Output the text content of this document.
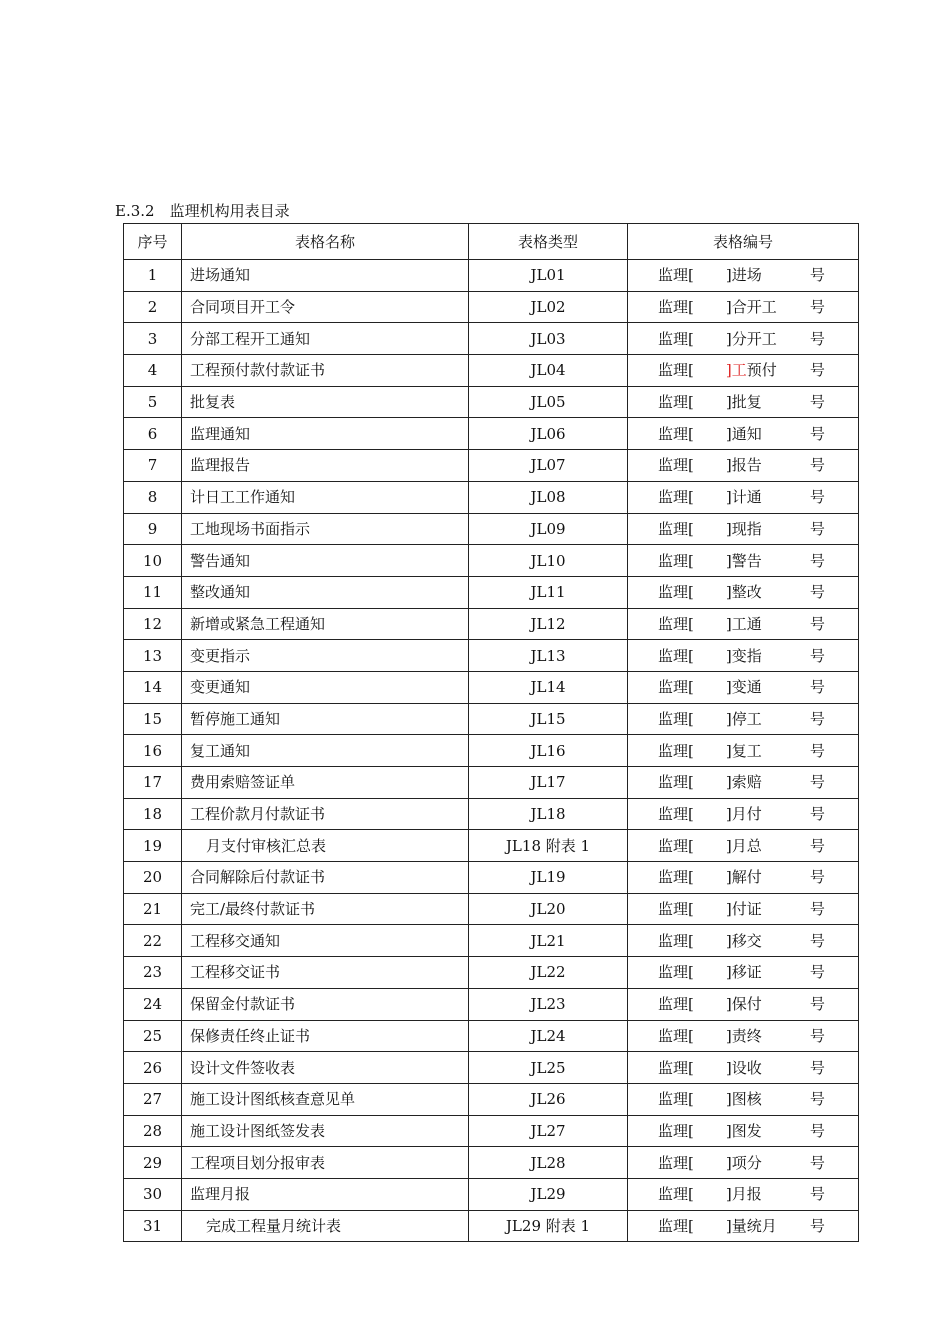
E.3.2　监理机构用表目录
序号	表格名称	表格类型	表格编号
1	进场通知	JL01	监理[ ]进场 号

2	合同项目开工令	JL02	监理[ ]合开工 号

3	分部工程开工通知	JL03	监理[ ]分开工 号

4	工程预付款付款证书	JL04	监理[ ]工预付 号

5	批复表	JL05	监理[ ]批复 号

6	监理通知	JL06	监理[ ]通知 号

7	监理报告	JL07	监理[ ]报告 号

8	计日工工作通知	JL08	监理[ ]计通 号

9	工地现场书面指示	JL09	监理[ ]现指 号

10	警告通知	JL10	监理[ ]警告 号

11	整改通知	JL11	监理[ ]整改 号

12	新增或紧急工程通知	JL12	监理[ ]工通 号

13	变更指示	JL13	监理[ ]变指 号

14	变更通知	JL14	监理[ ]变通 号

15	暂停施工通知	JL15	监理[ ]停工 号

16	复工通知	JL16	监理[ ]复工 号

17	费用索赔签证单	JL17	监理[ ]索赔 号

18	工程价款月付款证书	JL18	监理[ ]月付 号

19	月支付审核汇总表	JL18 附表 1	监理[ ]月总 号

20	合同解除后付款证书	JL19	监理[ ]解付 号

21	完工/最终付款证书	JL20	监理[ ]付证 号

22	工程移交通知	JL21	监理[ ]移交 号

23	工程移交证书	JL22	监理[ ]移证 号

24	保留金付款证书	JL23	监理[ ]保付 号

25	保修责任终止证书	JL24	监理[ ]责终 号

26	设计文件签收表	JL25	监理[ ]设收 号

27	施工设计图纸核查意见单	JL26	监理[ ]图核 号

28	施工设计图纸签发表	JL27	监理[ ]图发 号

29	工程项目划分报审表	JL28	监理[ ]项分 号

30	监理月报	JL29	监理[ ]月报 号

31	完成工程量月统计表	JL29 附表 1	监理[ ]量统月 号
